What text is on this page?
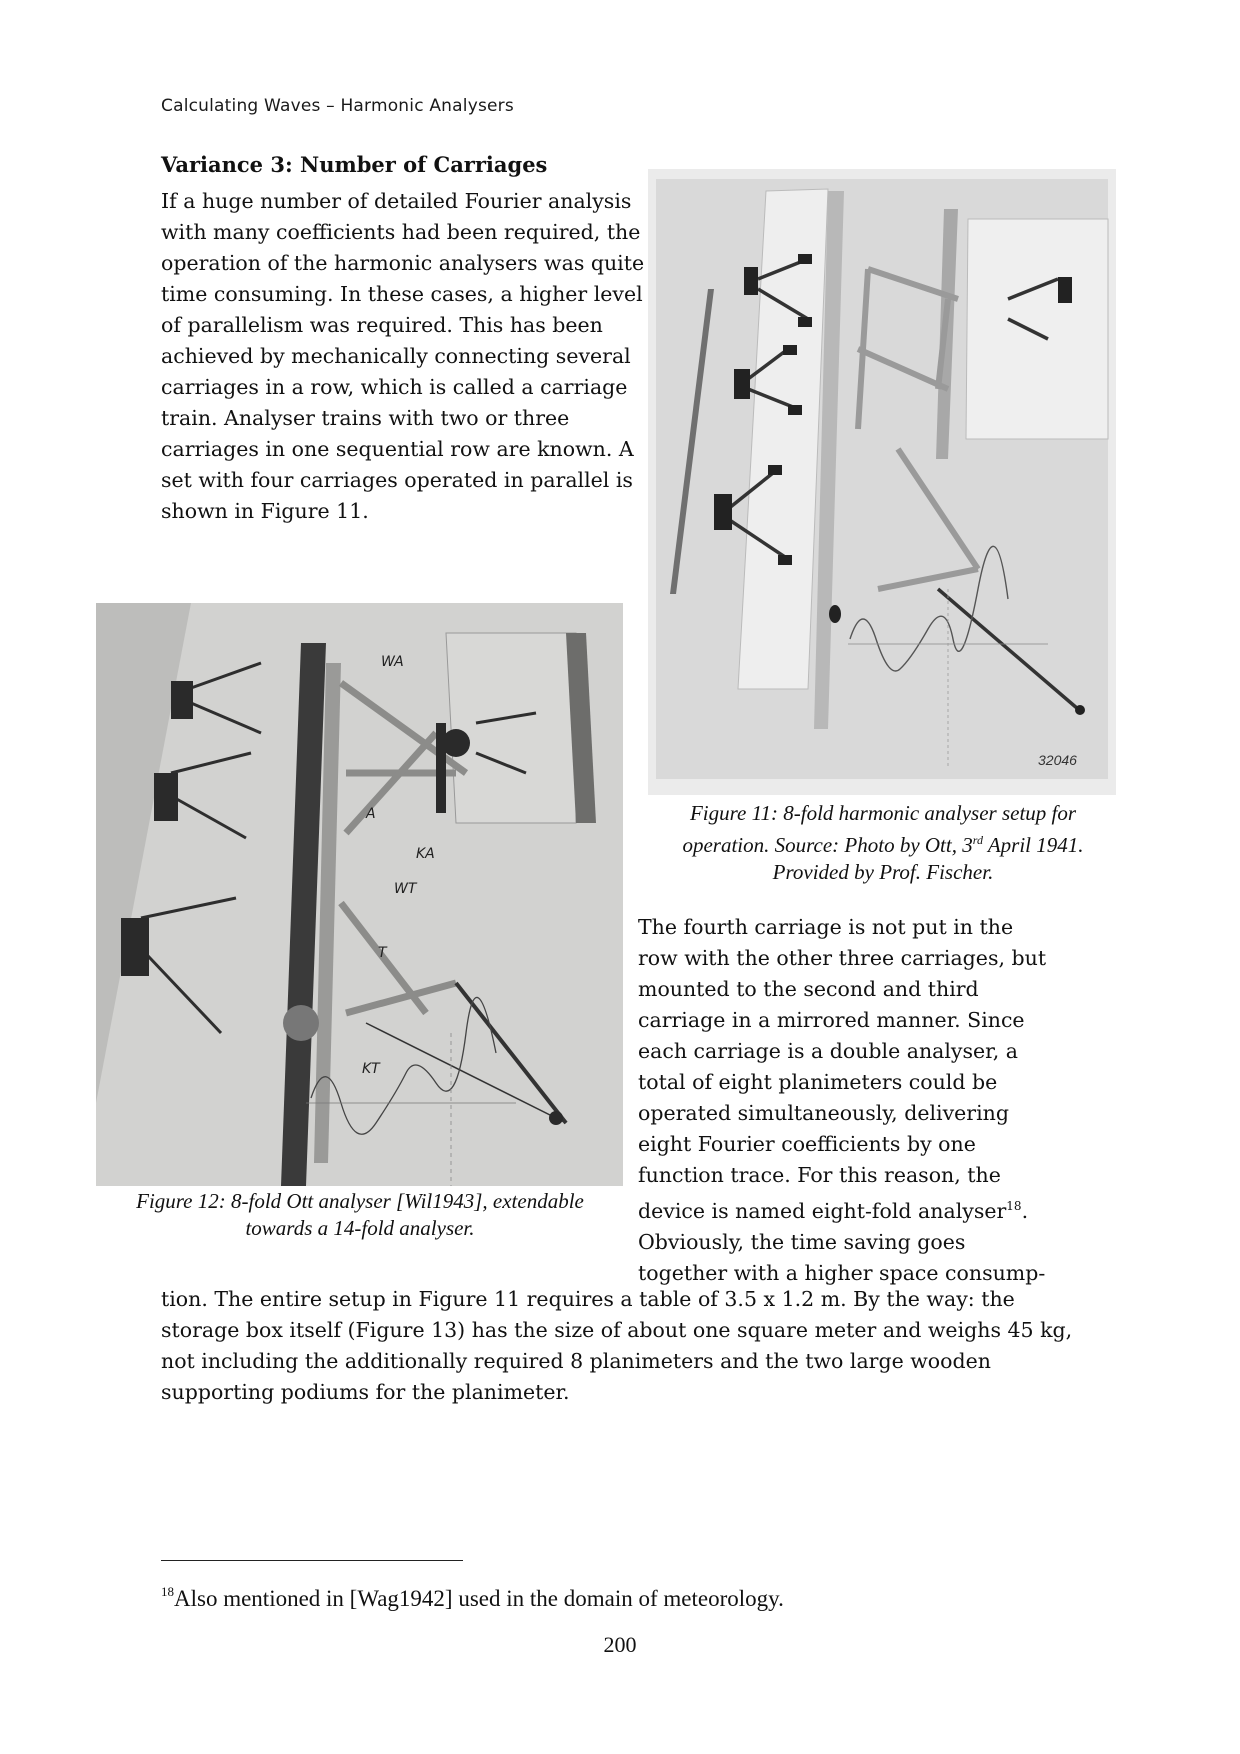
Calculating Waves – Harmonic Analysers
Variance 3: Number of Carriages
If a huge number of detailed Fourier analysis
with many coefficients had been required, the
operation of the harmonic analysers was quite
time consuming. In these cases, a higher level
of parallelism was required. This has been
achieved by mechanically connecting several
carriages in a row, which is called a carriage
train. Analyser trains with two or three
carriages in one sequential row are known. A
set with four carriages operated in parallel is
shown in Figure 11.
32046
Figure 11: 8-fold harmonic analyser setup for
operation. Source: Photo by Ott, 3rd April 1941.
Provided by Prof. Fischer.
WA
A
KA
WT
T
KT
Figure 12: 8-fold Ott analyser [Wil1943], extendable
towards a 14-fold analyser.
The fourth carriage is not put in the
row with the other three carriages, but
mounted to the second and third
carriage in a mirrored manner. Since
each carriage is a double analyser, a
total of eight planimeters could be
operated simultaneously, delivering
eight Fourier coefficients by one
function trace. For this reason, the
device is named eight-fold analyser$^{18}$.
Obviously, the time saving goes
together with a higher space consump-
tion. The entire setup in Figure 11 requires a table of 3.5 x 1.2 m. By the way: the
storage box itself (Figure 13) has the size of about one square meter and weighs 45 kg,
not including the additionally required 8 planimeters and the two large wooden
supporting podiums for the planimeter.
$^{18}$Also mentioned in [Wag1942] used in the domain of meteorology.
200
